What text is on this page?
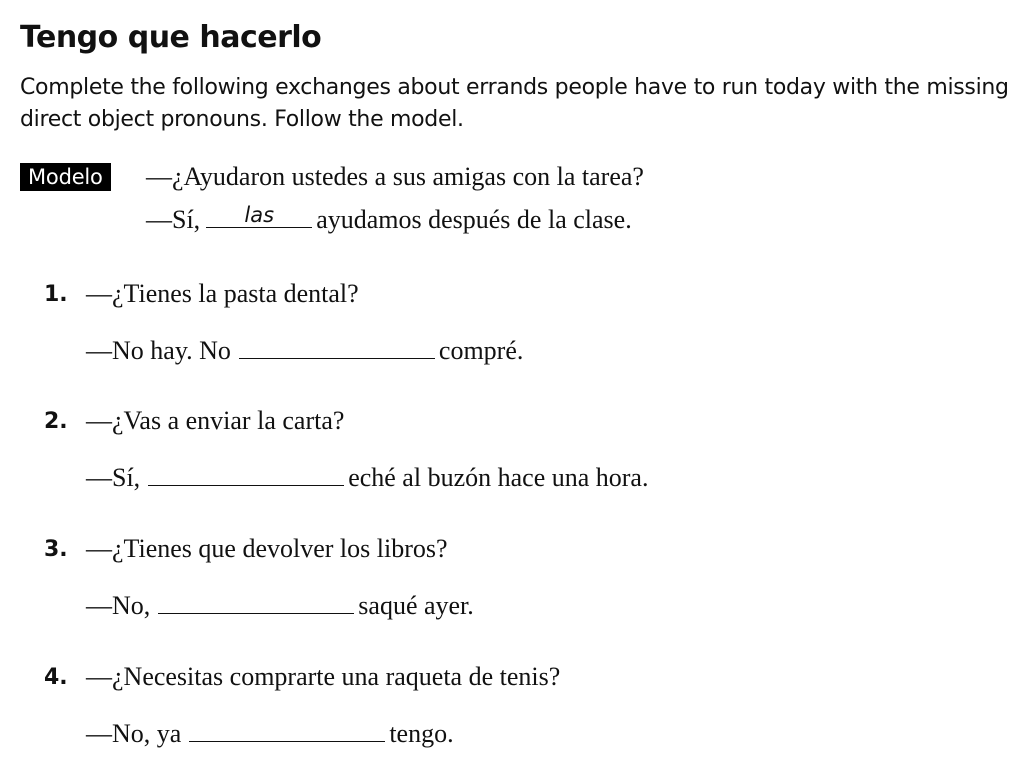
Tengo que hacerlo

Complete the following exchanges about errands people have to run today with the missing direct object pronouns. Follow the model.

Modelo	—¿Ayudaron ustedes a sus amigas con la tarea?
—Sí,	las	ayudamos después de la clase.
1. —¿Tienes la pasta dental?
—No hay. No	compré.
2. —¿Vas a enviar la carta?
—Sí,	eché al buzón hace una hora.
3. —¿Tienes que devolver los libros?
—No,	saqué ayer.
4. —¿Necesitas comprarte una raqueta de tenis?
—No, ya	tengo.
